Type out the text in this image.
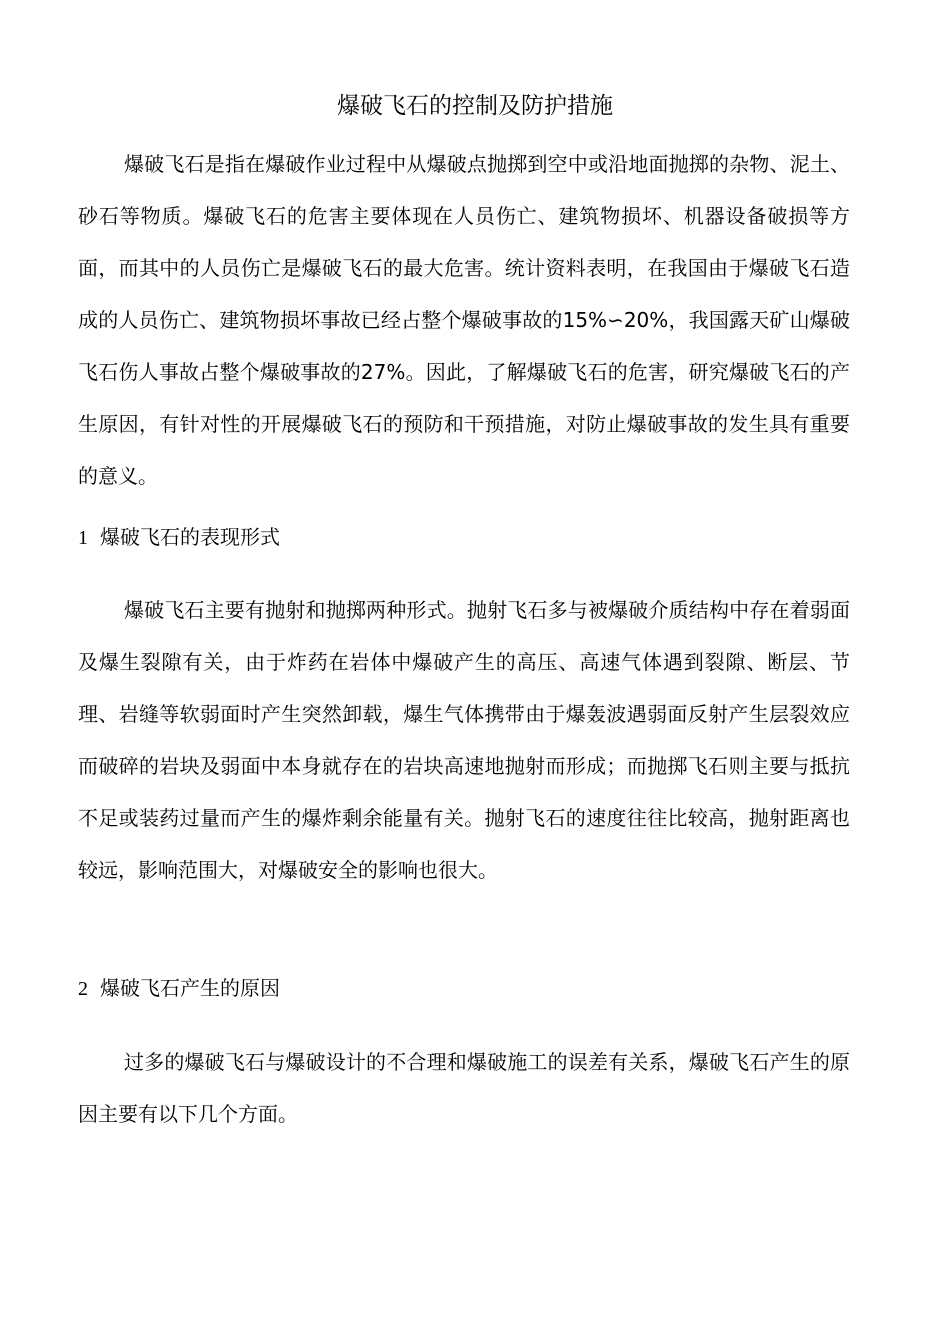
爆破飞石的控制及防护措施

爆破飞石是指在爆破作业过程中从爆破点抛掷到空中或沿地面抛掷的杂物、泥土、砂石等物质。爆破飞石的危害主要体现在人员伤亡、建筑物损坏、机器设备破损等方面，而其中的人员伤亡是爆破飞石的最大危害。统计资料表明，在我国由于爆破飞石造成的人员伤亡、建筑物损坏事故已经占整个爆破事故的15%∽20%，我国露天矿山爆破飞石伤人事故占整个爆破事故的27%。因此，了解爆破飞石的危害，研究爆破飞石的产生原因，有针对性的开展爆破飞石的预防和干预措施，对防止爆破事故的发生具有重要的意义。

1 爆破飞石的表现形式

爆破飞石主要有抛射和抛掷两种形式。抛射飞石多与被爆破介质结构中存在着弱面及爆生裂隙有关，由于炸药在岩体中爆破产生的高压、高速气体遇到裂隙、断层、节理、岩缝等软弱面时产生突然卸载，爆生气体携带由于爆轰波遇弱面反射产生层裂效应而破碎的岩块及弱面中本身就存在的岩块高速地抛射而形成；而抛掷飞石则主要与抵抗不足或装药过量而产生的爆炸剩余能量有关。抛射飞石的速度往往比较高，抛射距离也较远，影响范围大，对爆破安全的影响也很大。

2 爆破飞石产生的原因

过多的爆破飞石与爆破设计的不合理和爆破施工的误差有关系，爆破飞石产生的原因主要有以下几个方面。
